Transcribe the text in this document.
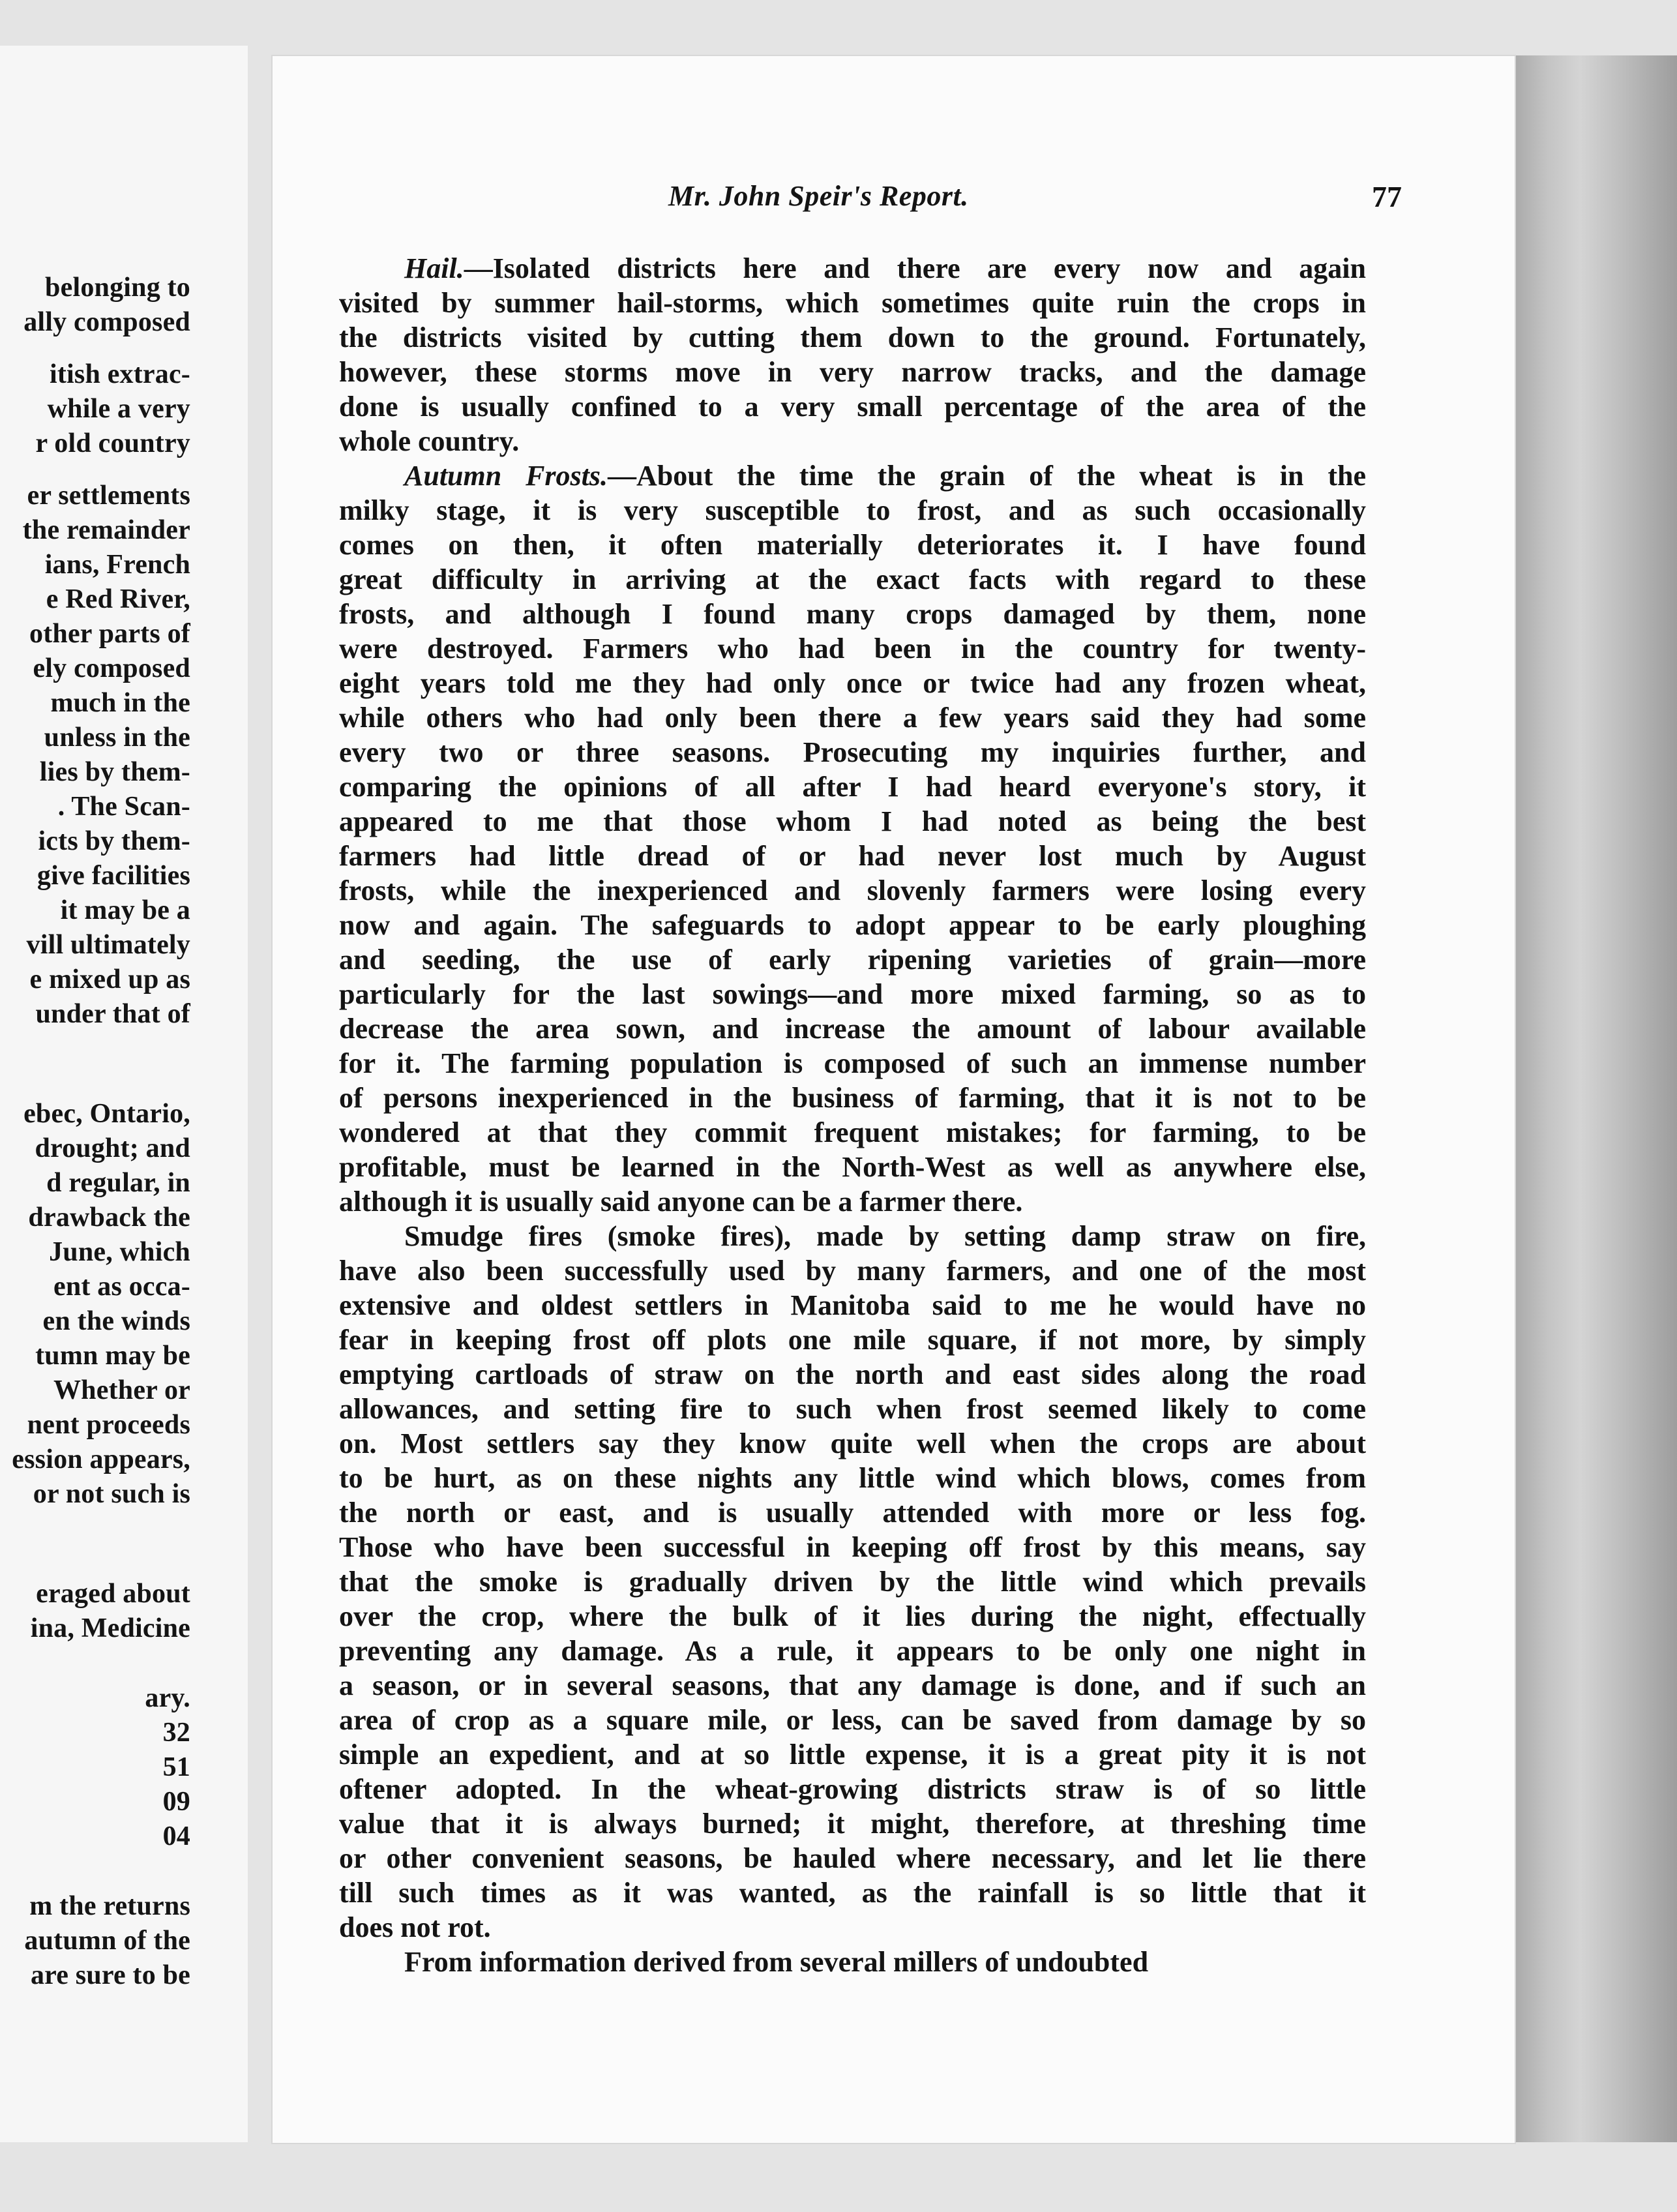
belonging to
ally composed
itish extrac-
while a very
r old country
er settlements
the remainder
ians, French
e Red River,
other parts of
ely composed
much in the
unless in the
lies by them-
. The Scan-
icts by them-
give facilities
it may be a
vill ultimately
e mixed up as
under that of
ebec, Ontario,
drought; and
d regular, in
drawback the
June, which
ent as occa-
en the winds
tumn may be
Whether or
nent proceeds
ession appears,
or not such is
eraged about
ina, Medicine
ary.
32
51
09
04
m the returns
autumn of the
are sure to be
Mr. John Speir's Report.	77
Hail.—Isolated districts here and there are every now and again
visited by summer hail-storms, which sometimes quite ruin the crops in
the districts visited by cutting them down to the ground. Fortunately,
however, these storms move in very narrow tracks, and the damage
done is usually confined to a very small percentage of the area of the
whole country.
Autumn Frosts.—About the time the grain of the wheat is in the
milky stage, it is very susceptible to frost, and as such occasionally
comes on then, it often materially deteriorates it. I have found
great difficulty in arriving at the exact facts with regard to these
frosts, and although I found many crops damaged by them, none
were destroyed. Farmers who had been in the country for twenty-
eight years told me they had only once or twice had any frozen wheat,
while others who had only been there a few years said they had some
every two or three seasons. Prosecuting my inquiries further, and
comparing the opinions of all after I had heard everyone's story, it
appeared to me that those whom I had noted as being the best
farmers had little dread of or had never lost much by August
frosts, while the inexperienced and slovenly farmers were losing every
now and again. The safeguards to adopt appear to be early ploughing
and seeding, the use of early ripening varieties of grain—more
particularly for the last sowings—and more mixed farming, so as to
decrease the area sown, and increase the amount of labour available
for it. The farming population is composed of such an immense number
of persons inexperienced in the business of farming, that it is not to be
wondered at that they commit frequent mistakes; for farming, to be
profitable, must be learned in the North-West as well as anywhere else,
although it is usually said anyone can be a farmer there.
Smudge fires (smoke fires), made by setting damp straw on fire,
have also been successfully used by many farmers, and one of the most
extensive and oldest settlers in Manitoba said to me he would have no
fear in keeping frost off plots one mile square, if not more, by simply
emptying cartloads of straw on the north and east sides along the road
allowances, and setting fire to such when frost seemed likely to come
on. Most settlers say they know quite well when the crops are about
to be hurt, as on these nights any little wind which blows, comes from
the north or east, and is usually attended with more or less fog.
Those who have been successful in keeping off frost by this means, say
that the smoke is gradually driven by the little wind which prevails
over the crop, where the bulk of it lies during the night, effectually
preventing any damage. As a rule, it appears to be only one night in
a season, or in several seasons, that any damage is done, and if such an
area of crop as a square mile, or less, can be saved from damage by so
simple an expedient, and at so little expense, it is a great pity it is not
oftener adopted. In the wheat-growing districts straw is of so little
value that it is always burned; it might, therefore, at threshing time
or other convenient seasons, be hauled where necessary, and let lie there
till such times as it was wanted, as the rainfall is so little that it
does not rot.
From information derived from several millers of undoubted
